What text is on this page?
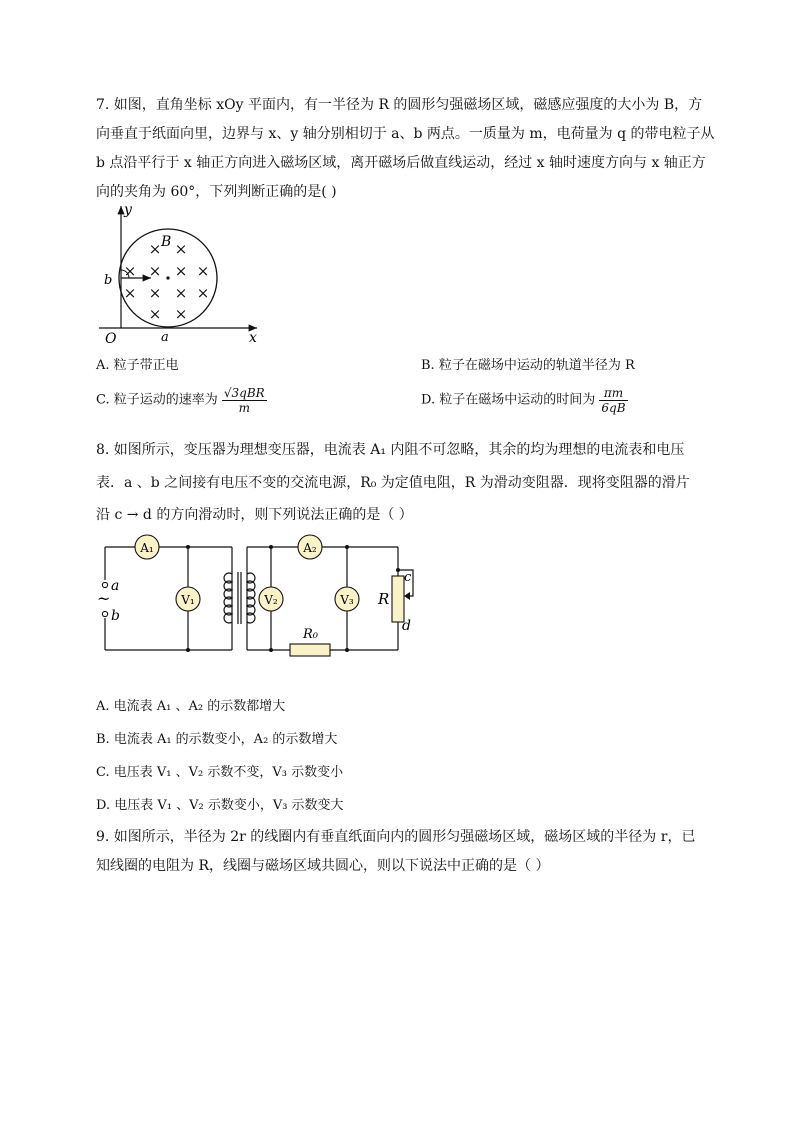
7. 如图，直角坐标 xOy 平面内，有一半径为 R 的圆形匀强磁场区域，磁感应强度的大小为 B，方
向垂直于纸面向里，边界与 x、y 轴分别相切于 a、b 两点。一质量为 m，电荷量为 q 的带电粒子从
b 点沿平行于 x 轴正方向进入磁场区域，离开磁场后做直线运动，经过 x 轴时速度方向与 x 轴正方
向的夹角为 60°，下列判断正确的是( )
y
x
O	a
b
B
× ×
× × × ×
× × × ×
× ×
A. 粒子带正电	B. 粒子在磁场中运动的轨道半径为 R
C. 粒子运动的速率为 $\frac{\text{√3qBR}}{m}$	D. 粒子在磁场中运动的时间为 $\frac{\pi m}{6qB}$
8. 如图所示，变压器为理想变压器，电流表 A₁ 内阻不可忽略，其余的均为理想的电流表和电压
表．a 、b 之间接有电压不变的交流电源，R₀ 为定值电阻，R 为滑动变阻器．现将变阻器的滑片
沿 c → d 的方向滑动时，则下列说法正确的是（ ）
a
b
~
A₁	A₂
V₁	V₂	V₃
R₀
R
c
d
A. 电流表 A₁ 、A₂ 的示数都增大
B. 电流表 A₁ 的示数变小，A₂ 的示数增大
C. 电压表 V₁ 、V₂ 示数不变，V₃ 示数变小
D. 电压表 V₁ 、V₂ 示数变小，V₃ 示数变大
9. 如图所示，半径为 2r 的线圈内有垂直纸面向内的圆形匀强磁场区域，磁场区域的半径为 r，已
知线圈的电阻为 R，线圈与磁场区域共圆心，则以下说法中正确的是（ ）
